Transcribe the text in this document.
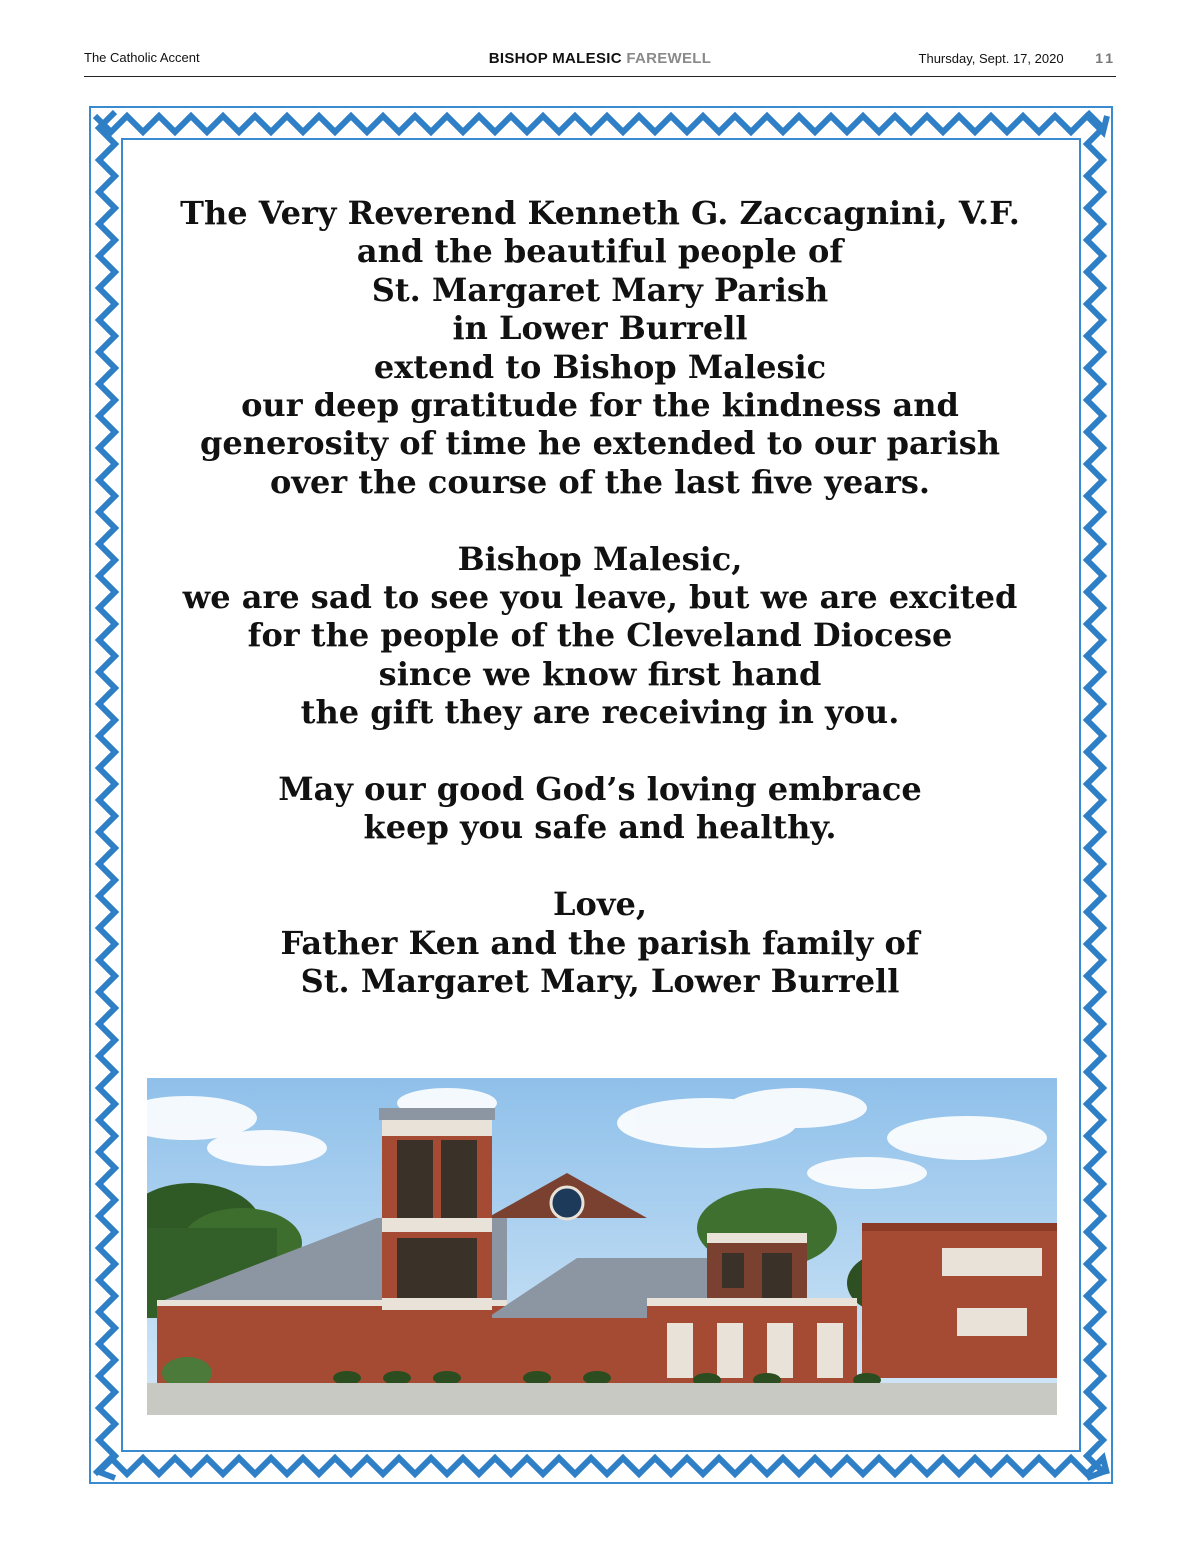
The Catholic Accent	BISHOP MALESIC FAREWELL	Thursday, Sept. 17, 2020 11
The Very Reverend Kenneth G. Zaccagnini, V.F.
and the beautiful people of
St. Margaret Mary Parish
in Lower Burrell
extend to Bishop Malesic
our deep gratitude for the kindness and
generosity of time he extended to our parish
over the course of the last five years.
Bishop Malesic,
we are sad to see you leave, but we are excited
for the people of the Cleveland Diocese
since we know first hand
the gift they are receiving in you.
May our good God’s loving embrace
keep you safe and healthy.
Love,
Father Ken and the parish family of
St. Margaret Mary, Lower Burrell
